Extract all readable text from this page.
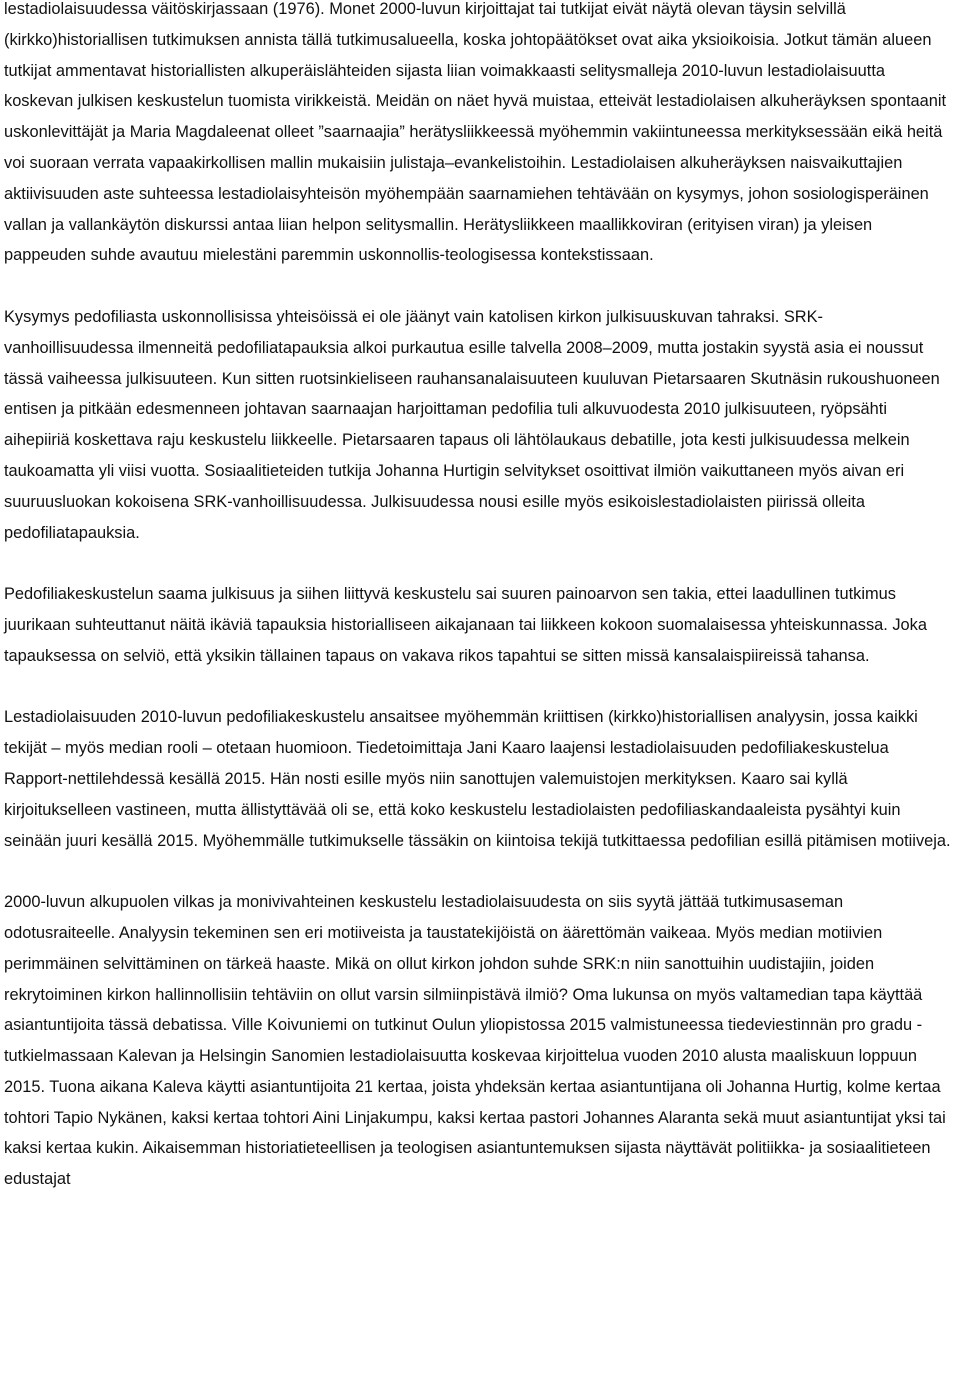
lestadiolaisuudessa väitöskirjassaan (1976). Monet 2000-luvun kirjoittajat tai tutkijat eivät näytä olevan täysin selvillä (kirkko)historiallisen tutkimuksen annista tällä tutkimusalueella, koska johtopäätökset ovat aika yksioikoisia. Jotkut tämän alueen tutkijat ammentavat historiallisten alkuperäislähteiden sijasta liian voimakkaasti selitysmalleja 2010-luvun lestadiolaisuutta koskevan julkisen keskustelun tuomista virikkeistä. Meidän on näet hyvä muistaa, etteivät lestadiolaisen alkuheräyksen spontaanit uskonlevittäjät ja Maria Magdaleenat olleet ”saarnaajia” herätysliikkeessä myöhemmin vakiintuneessa merkityksessään eikä heitä voi suoraan verrata vapaakirkollisen mallin mukaisiin julistaja–evankelistoihin. Lestadiolaisen alkuheräyksen naisvaikuttajien aktiivisuuden aste suhteessa lestadiolaisyhteisön myöhempään saarnamiehen tehtävään on kysymys, johon sosiologisperäinen vallan ja vallankäytön diskurssi antaa liian helpon selitysmallin. Herätysliikkeen maallikkoviran (erityisen viran) ja yleisen pappeuden suhde avautuu mielestäni paremmin uskonnollis-teologisessa kontekstissaan.

Kysymys pedofiliasta uskonnollisissa yhteisöissä ei ole jäänyt vain katolisen kirkon julkisuuskuvan tahraksi. SRK-vanhoillisuudessa ilmenneitä pedofiliatapauksia alkoi purkautua esille talvella 2008–2009, mutta jostakin syystä asia ei noussut tässä vaiheessa julkisuuteen. Kun sitten ruotsinkieliseen rauhansanalaisuuteen kuuluvan Pietarsaaren Skutnäsin rukoushuoneen entisen ja pitkään edesmenneen johtavan saarnaajan harjoittaman pedofilia tuli alkuvuodesta 2010 julkisuuteen, ryöpsähti aihepiiriä koskettava raju keskustelu liikkeelle. Pietarsaaren tapaus oli lähtölaukaus debatille, jota kesti julkisuudessa melkein taukoamatta yli viisi vuotta. Sosiaalitieteiden tutkija Johanna Hurtigin selvitykset osoittivat ilmiön vaikuttaneen myös aivan eri suuruusluokan kokoisena SRK-vanhoillisuudessa. Julkisuudessa nousi esille myös esikoislestadiolaisten piirissä olleita pedofiliatapauksia.

Pedofiliakeskustelun saama julkisuus ja siihen liittyvä keskustelu sai suuren painoarvon sen takia, ettei laadullinen tutkimus juurikaan suhteuttanut näitä ikäviä tapauksia historialliseen aikajanaan tai liikkeen kokoon suomalaisessa yhteiskunnassa. Joka tapauksessa on selviö, että yksikin tällainen tapaus on vakava rikos tapahtui se sitten missä kansalaispiireissä tahansa.

Lestadiolaisuuden 2010-luvun pedofiliakeskustelu ansaitsee myöhemmän kriittisen (kirkko)historiallisen analyysin, jossa kaikki tekijät – myös median rooli – otetaan huomioon. Tiedetoimittaja Jani Kaaro laajensi lestadiolaisuuden pedofiliakeskustelua Rapport-nettilehdessä kesällä 2015. Hän nosti esille myös niin sanottujen valemuistojen merkityksen. Kaaro sai kyllä kirjoitukselleen vastineen, mutta ällistyttävää oli se, että koko keskustelu lestadiolaisten pedofiliaskandaaleista pysähtyi kuin seinään juuri kesällä 2015. Myöhemmälle tutkimukselle tässäkin on kiintoisa tekijä tutkittaessa pedofilian esillä pitämisen motiiveja.

2000-luvun alkupuolen vilkas ja monivivahteinen keskustelu lestadiolaisuudesta on siis syytä jättää tutkimusaseman odotusraiteelle. Analyysin tekeminen sen eri motiiveista ja taustatekijöistä on äärettömän vaikeaa. Myös median motiivien perimmäinen selvittäminen on tärkeä haaste. Mikä on ollut kirkon johdon suhde SRK:n niin sanottuihin uudistajiin, joiden rekrytoiminen kirkon hallinnollisiin tehtäviin on ollut varsin silmiinpistävä ilmiö? Oma lukunsa on myös valtamedian tapa käyttää asiantuntijoita tässä debatissa. Ville Koivuniemi on tutkinut Oulun yliopistossa 2015 valmistuneessa tiedeviestinnän pro gradu -tutkielmassaan Kalevan ja Helsingin Sanomien lestadiolaisuutta koskevaa kirjoittelua vuoden 2010 alusta maaliskuun loppuun 2015. Tuona aikana Kaleva käytti asiantuntijoita 21 kertaa, joista yhdeksän kertaa asiantuntijana oli Johanna Hurtig, kolme kertaa tohtori Tapio Nykänen, kaksi kertaa tohtori Aini Linjakumpu, kaksi kertaa pastori Johannes Alaranta sekä muut asiantuntijat yksi tai kaksi kertaa kukin. Aikaisemman historiatieteellisen ja teologisen asiantuntemuksen sijasta näyttävät politiikka- ja sosiaalitieteen edustajat
